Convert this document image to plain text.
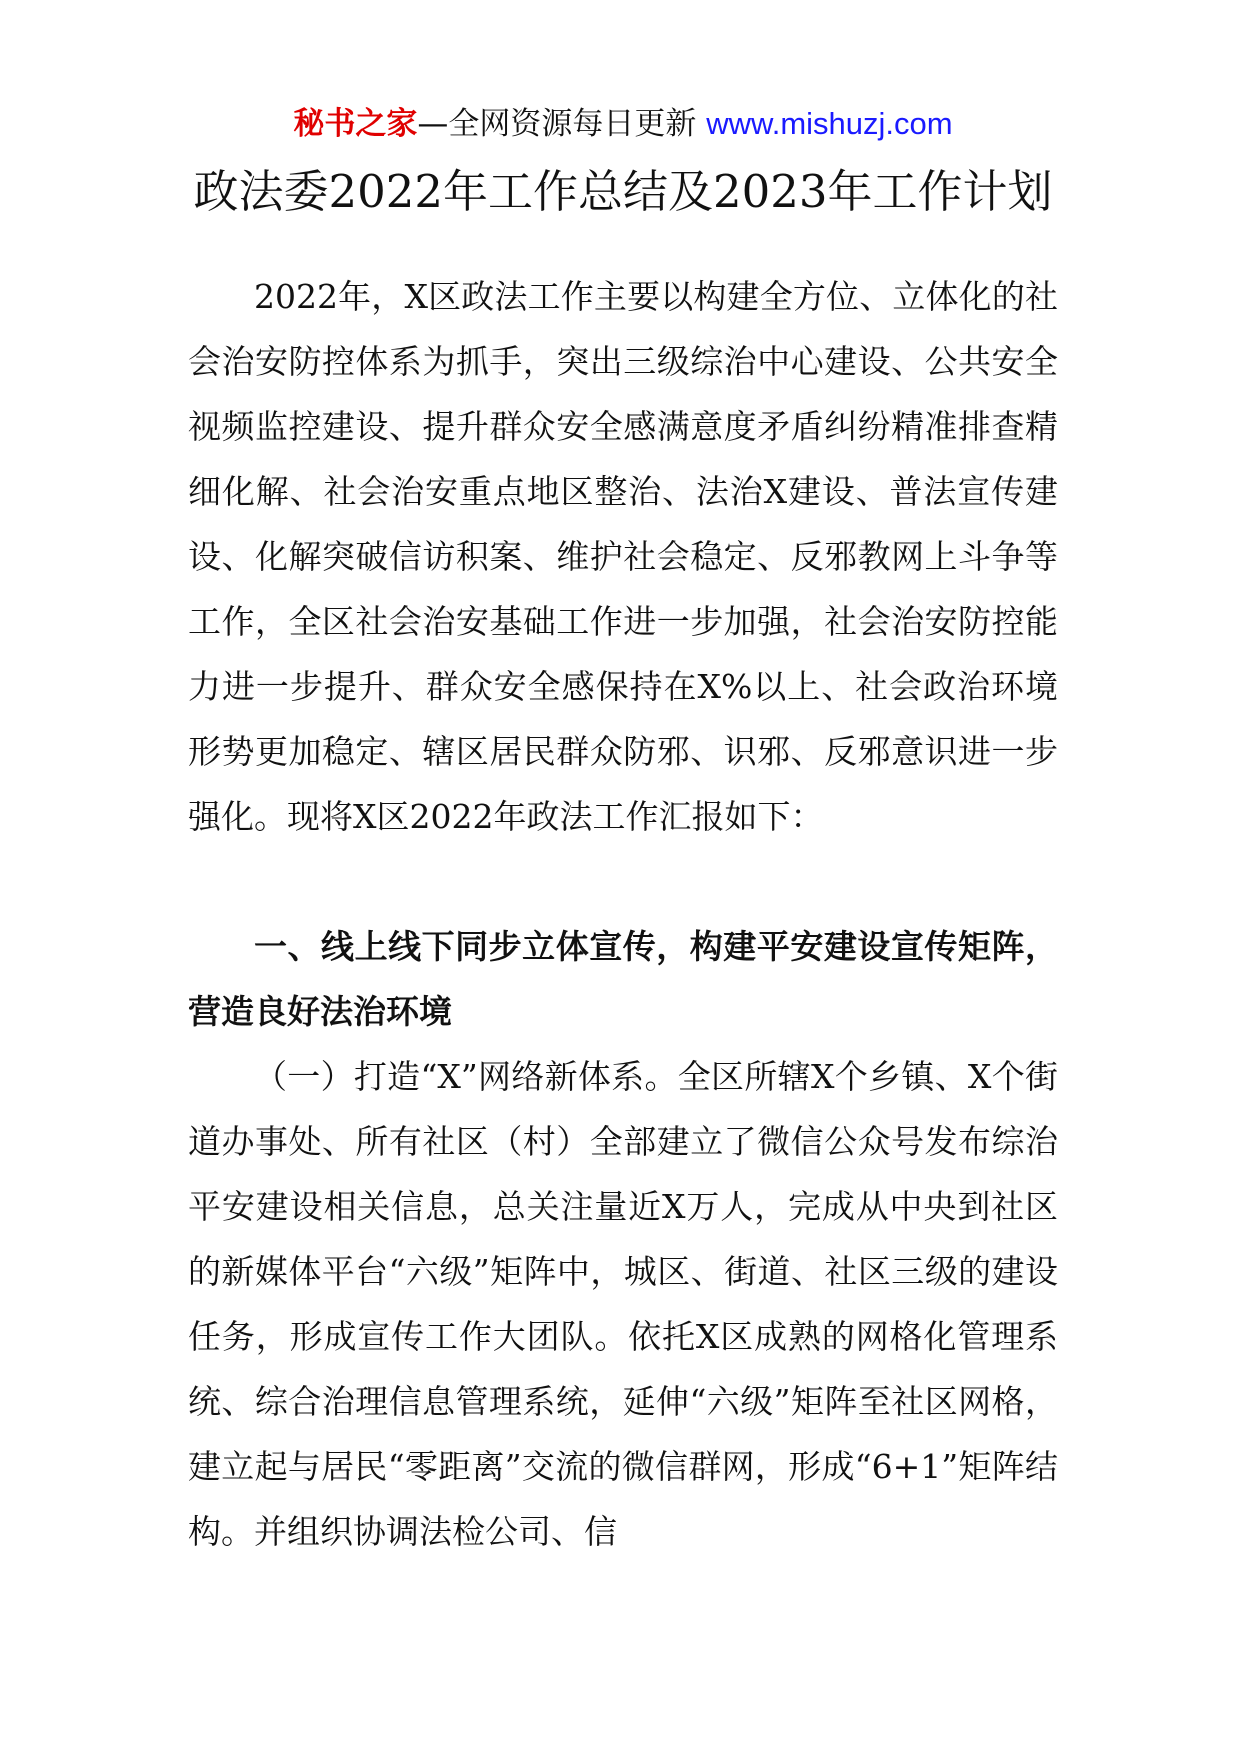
秘书之家—全网资源每日更新 www.mishuzj.com
政法委2022年工作总结及2023年工作计划

2022年，X区政法工作主要以构建全方位、立体化的社会治安防控体系为抓手，突出三级综治中心建设、公共安全视频监控建设、提升群众安全感满意度矛盾纠纷精准排查精细化解、社会治安重点地区整治、法治X建设、普法宣传建设、化解突破信访积案、维护社会稳定、反邪教网上斗争等工作，全区社会治安基础工作进一步加强，社会治安防控能力进一步提升、群众安全感保持在X%以上、社会政治环境形势更加稳定、辖区居民群众防邪、识邪、反邪意识进一步强化。现将X区2022年政法工作汇报如下：

一、线上线下同步立体宣传，构建平安建设宣传矩阵，营造良好法治环境

（一）打造“X”网络新体系。全区所辖X个乡镇、X个街道办事处、所有社区（村）全部建立了微信公众号发布综治平安建设相关信息，总关注量近X万人，完成从中央到社区的新媒体平台“六级”矩阵中，城区、街道、社区三级的建设任务，形成宣传工作大团队。依托X区成熟的网格化管理系统、综合治理信息管理系统，延伸“六级”矩阵至社区网格，建立起与居民“零距离”交流的微信群网，形成“6+1”矩阵结构。并组织协调法检公司、信
